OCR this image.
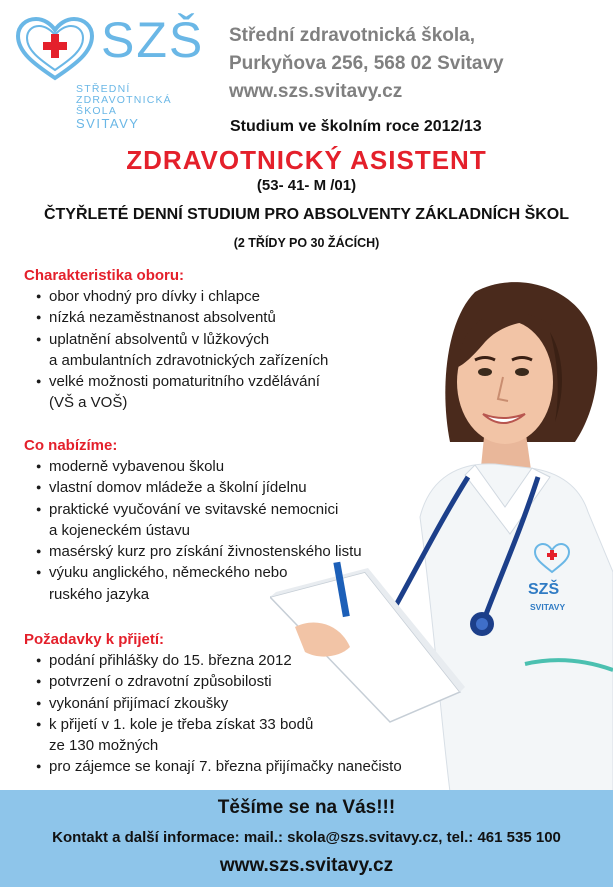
SZŠ
STŘEDNÍ
ZDRAVOTNICKÁ
ŠKOLA
SVITAVY
Střední zdravotnická škola,
Purkyňova 256, 568 02 Svitavy
www.szs.svitavy.cz
Studium ve školním roce 2012/13
ZDRAVOTNICKÝ ASISTENT
(53- 41- M /01)
ČTYŘLETÉ DENNÍ STUDIUM PRO ABSOLVENTY ZÁKLADNÍCH ŠKOL
(2 TŘÍDY PO 30 ŽÁCÍCH)
SZŠ
SVITAVY
Charakteristika oboru:
● obor vhodný pro dívky i chlapce
● nízká nezaměstnanost absolventů
● uplatnění absolventů v lůžkových
a ambulantních zdravotnických zařízeních
● velké možnosti pomaturitního vzdělávání
(VŠ a VOŠ)
Co nabízíme:
● moderně vybavenou školu
● vlastní domov mládeže a školní jídelnu
● praktické vyučování ve svitavské nemocnici
a kojeneckém ústavu
● masérský kurz pro získání živnostenského listu
● výuku anglického, německého nebo
ruského jazyka
Požadavky k přijetí:
● podání přihlášky do 15. března 2012
● potvrzení o zdravotní způsobilosti
● vykonání přijímací zkoušky
● k přijetí v 1. kole je třeba získat 33 bodů
ze 130 možných
● pro zájemce se konají 7. března přijímačky nanečisto
Těšíme se na Vás!!!
Kontakt a další informace: mail.: skola@szs.svitavy.cz, tel.: 461 535 100
www.szs.svitavy.cz
